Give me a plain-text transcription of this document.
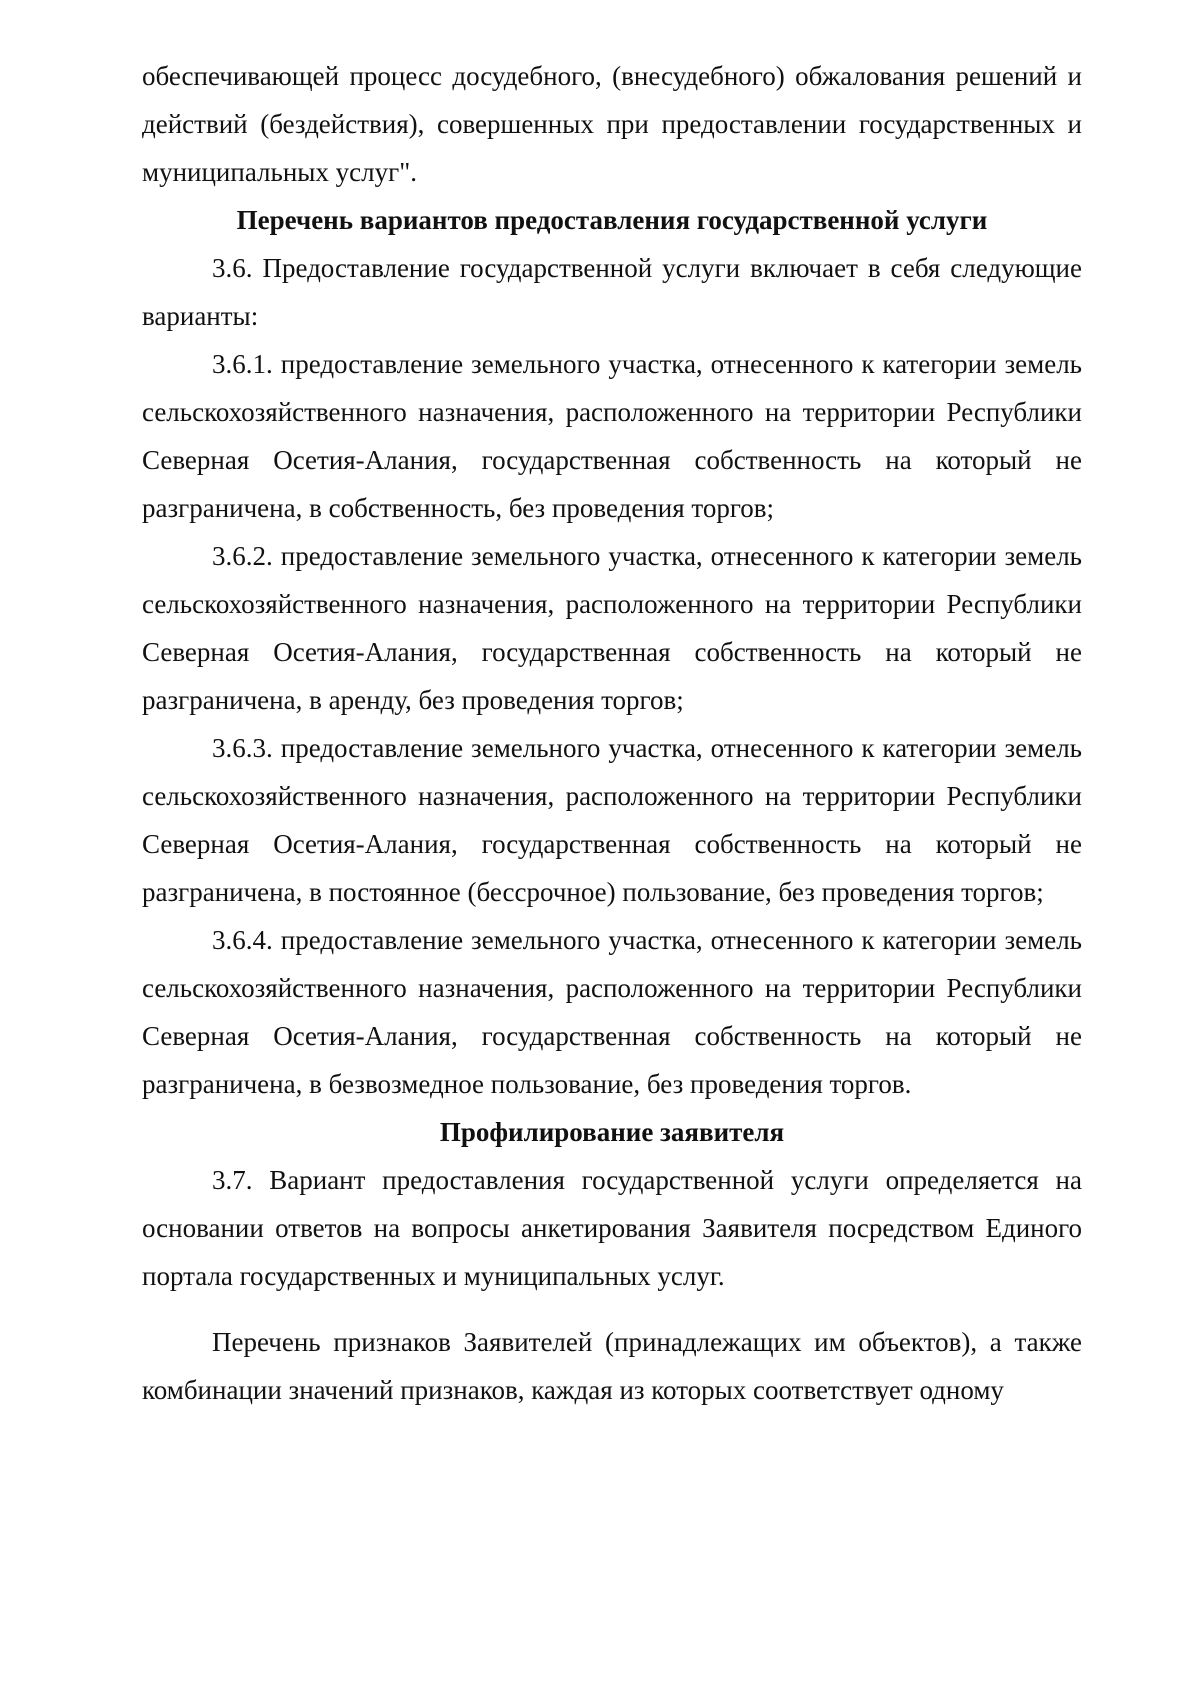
обеспечивающей процесс досудебного, (внесудебного) обжалования решений и действий (бездействия), совершенных при предоставлении государственных и муниципальных услуг".

Перечень вариантов предоставления государственной услуги

3.6. Предоставление государственной услуги включает в себя следующие варианты:

3.6.1. предоставление земельного участка, отнесенного к категории земель сельскохозяйственного назначения, расположенного на территории Республики Северная Осетия-Алания, государственная собственность на который не разграничена, в собственность, без проведения торгов;

3.6.2. предоставление земельного участка, отнесенного к категории земель сельскохозяйственного назначения, расположенного на территории Республики Северная Осетия-Алания, государственная собственность на который не разграничена, в аренду, без проведения торгов;

3.6.3. предоставление земельного участка, отнесенного к категории земель сельскохозяйственного назначения, расположенного на территории Республики Северная Осетия-Алания, государственная собственность на который не разграничена, в постоянное (бессрочное) пользование, без проведения торгов;

3.6.4. предоставление земельного участка, отнесенного к категории земель сельскохозяйственного назначения, расположенного на территории Республики Северная Осетия-Алания, государственная собственность на который не разграничена, в безвозмедное пользование, без проведения торгов.

Профилирование заявителя

3.7. Вариант предоставления государственной услуги определяется на основании ответов на вопросы анкетирования Заявителя посредством Единого портала государственных и муниципальных услуг.

Перечень признаков Заявителей (принадлежащих им объектов), а также комбинации значений признаков, каждая из которых соответствует одному
